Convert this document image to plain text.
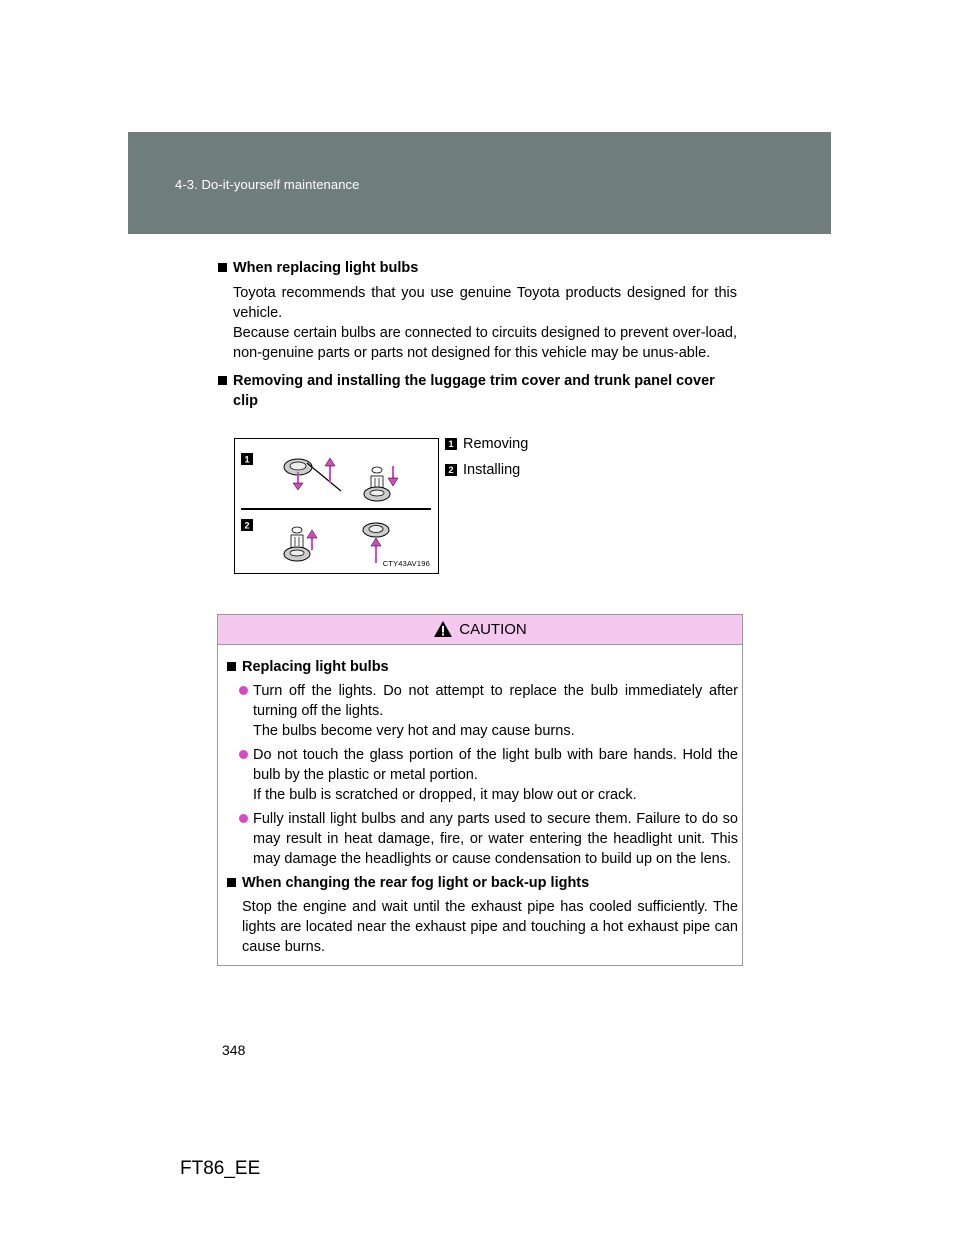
4-3. Do-it-yourself maintenance
When replacing light bulbs
Toyota recommends that you use genuine Toyota products designed for this vehicle.
Because certain bulbs are connected to circuits designed to prevent over-load, non-genuine parts or parts not designed for this vehicle may be unus-able.
Removing and installing the luggage trim cover and trunk panel cover clip
1
2
CTY43AV196
1 Removing
2 Installing
CAUTION
Replacing light bulbs
Turn off the lights. Do not attempt to replace the bulb immediately after turning off the lights.
The bulbs become very hot and may cause burns.
Do not touch the glass portion of the light bulb with bare hands. Hold the bulb by the plastic or metal portion.
If the bulb is scratched or dropped, it may blow out or crack.
Fully install light bulbs and any parts used to secure them. Failure to do so may result in heat damage, fire, or water entering the headlight unit. This may damage the headlights or cause condensation to build up on the lens.
When changing the rear fog light or back-up lights
Stop the engine and wait until the exhaust pipe has cooled sufficiently. The lights are located near the exhaust pipe and touching a hot exhaust pipe can cause burns.
348
FT86_EE
